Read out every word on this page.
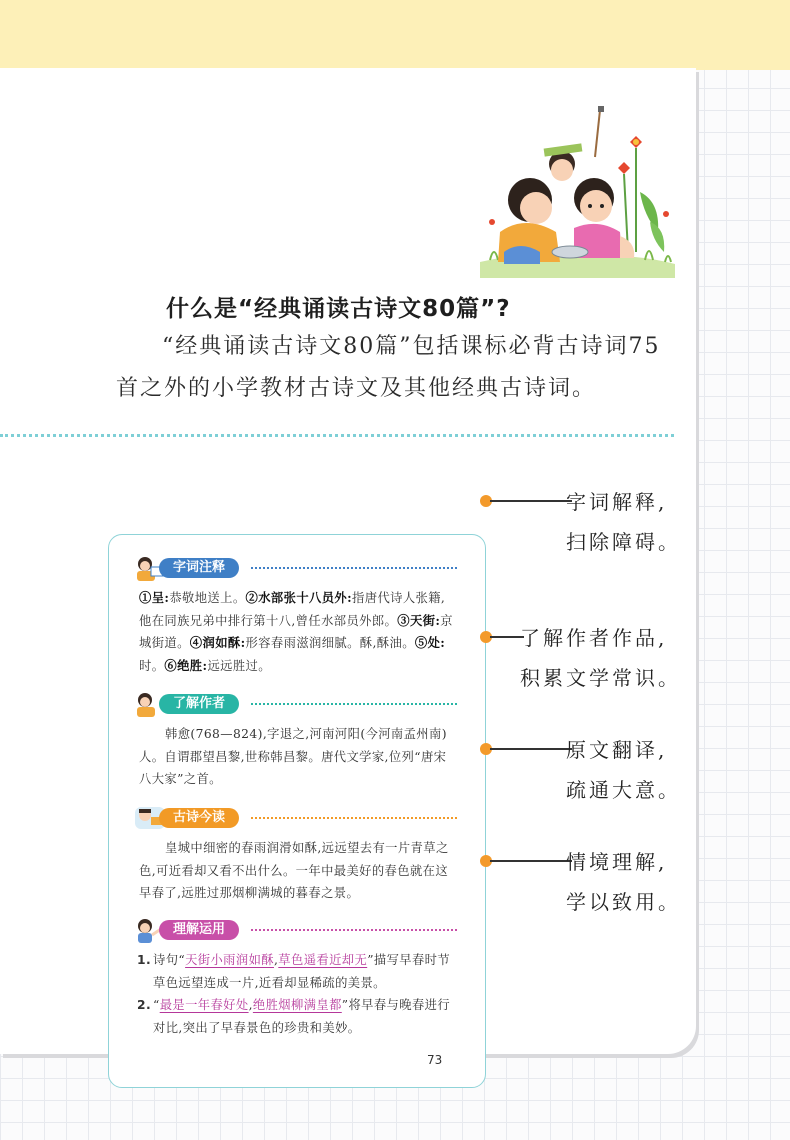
什么是“经典诵读古诗文80篇”?
“经典诵读古诗文80篇”包括课标必背古诗词75首之外的小学教材古诗文及其他经典古诗词。
字词注释
①呈:恭敬地送上。②水部张十八员外:指唐代诗人张籍,他在同族兄弟中排行第十八,曾任水部员外郎。③天街:京城街道。④润如酥:形容春雨滋润细腻。酥,酥油。⑤处:时。⑥绝胜:远远胜过。
了解作者
韩愈(768—824),字退之,河南河阳(今河南孟州南)人。自谓郡望昌黎,世称韩昌黎。唐代文学家,位列“唐宋八大家”之首。
古诗今读
皇城中细密的春雨润滑如酥,远远望去有一片青草之色,可近看却又看不出什么。一年中最美好的春色就在这早春了,远胜过那烟柳满城的暮春之景。
理解运用
1. 诗句“天街小雨润如酥,草色遥看近却无”描写早春时节草色远望连成一片,近看却显稀疏的美景。
2. “最是一年春好处,绝胜烟柳满皇都”将早春与晚春进行对比,突出了早春景色的珍贵和美妙。
73
字词解释,
扫除障碍。
了解作者作品,
积累文学常识。
原文翻译,
疏通大意。
情境理解,
学以致用。
